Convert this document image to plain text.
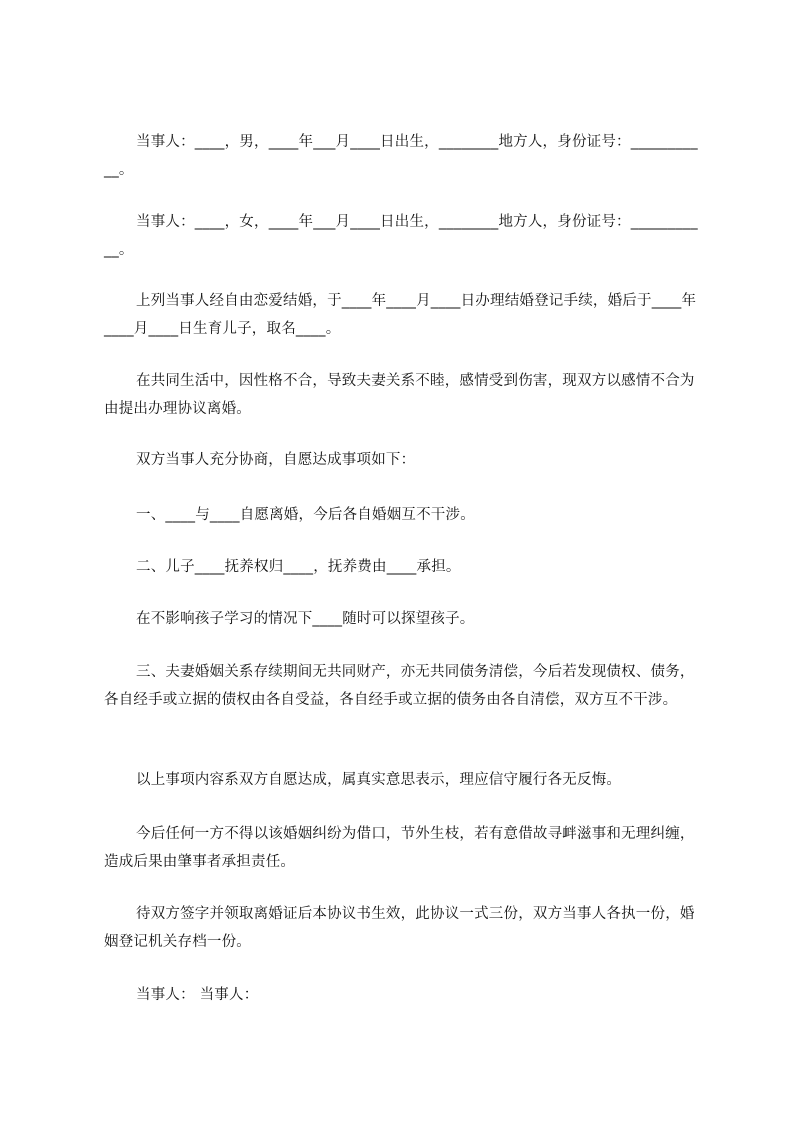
当事人：____，男，____年___月____日出生，________地方人，身份证号：___________。

当事人：____，女，____年___月____日出生，________地方人，身份证号：___________。

上列当事人经自由恋爱结婚，于____年____月____日办理结婚登记手续，婚后于____年____月____日生育儿子，取名____。

在共同生活中，因性格不合，导致夫妻关系不睦，感情受到伤害，现双方以感情不合为由提出办理协议离婚。

双方当事人充分协商，自愿达成事项如下：

一、____与____自愿离婚，今后各自婚姻互不干涉。

二、儿子____抚养权归____，抚养费由____承担。

在不影响孩子学习的情况下____随时可以探望孩子。

三、夫妻婚姻关系存续期间无共同财产，亦无共同债务清偿，今后若发现债权、债务，各自经手或立据的债权由各自受益，各自经手或立据的债务由各自清偿，双方互不干涉。

以上事项内容系双方自愿达成，属真实意思表示，理应信守履行各无反悔。

今后任何一方不得以该婚姻纠纷为借口，节外生枝，若有意借故寻衅滋事和无理纠缠，造成后果由肇事者承担责任。

待双方签字并领取离婚证后本协议书生效，此协议一式三份，双方当事人各执一份，婚姻登记机关存档一份。

当事人： 当事人：
